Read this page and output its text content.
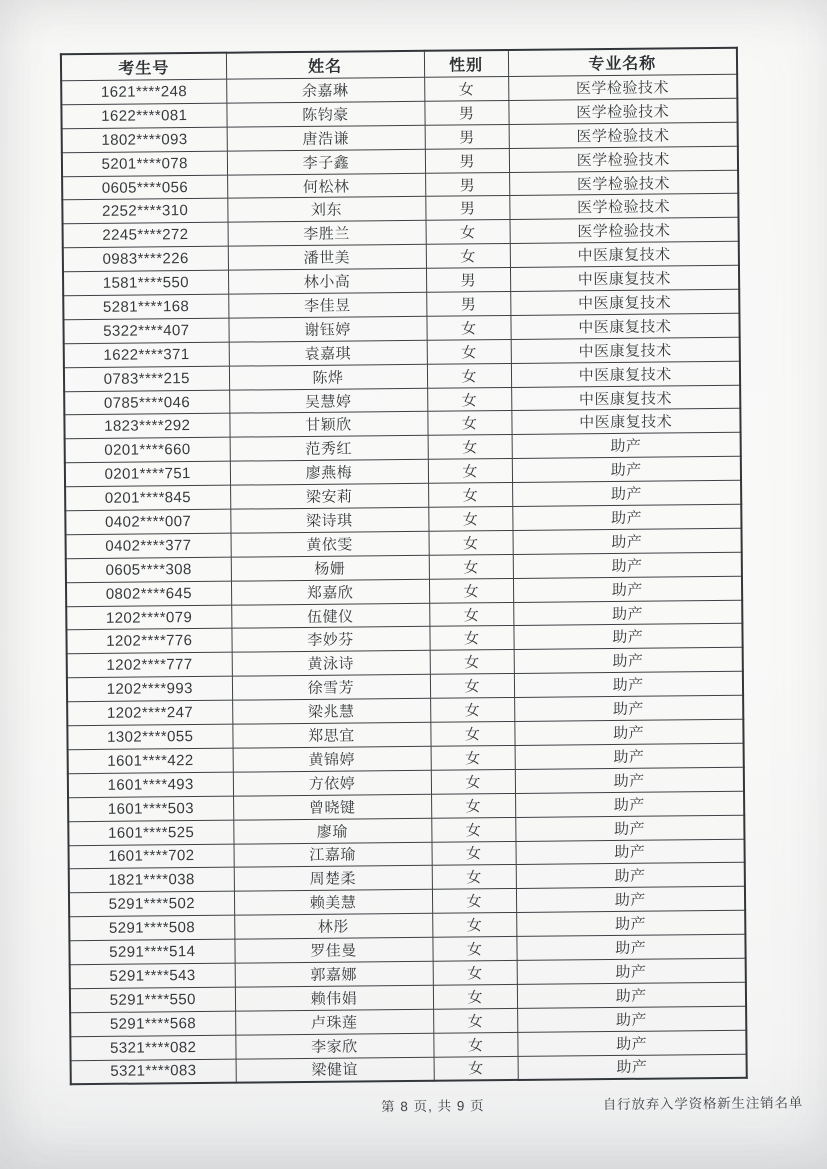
考生号	姓名	性别	专业名称
1621****248	余嘉琳	女	医学检验技术
1622****081	陈钧豪	男	医学检验技术
1802****093	唐浩谦	男	医学检验技术
5201****078	李子鑫	男	医学检验技术
0605****056	何松林	男	医学检验技术
2252****310	刘东	男	医学检验技术
2245****272	李胜兰	女	医学检验技术
0983****226	潘世美	女	中医康复技术
1581****550	林小高	男	中医康复技术
5281****168	李佳昱	男	中医康复技术
5322****407	谢钰婷	女	中医康复技术
1622****371	袁嘉琪	女	中医康复技术
0783****215	陈烨	女	中医康复技术
0785****046	吴慧婷	女	中医康复技术
1823****292	甘颖欣	女	中医康复技术
0201****660	范秀红	女	助产
0201****751	廖燕梅	女	助产
0201****845	梁安莉	女	助产
0402****007	梁诗琪	女	助产
0402****377	黄依雯	女	助产
0605****308	杨姗	女	助产
0802****645	郑嘉欣	女	助产
1202****079	伍健仪	女	助产
1202****776	李妙芬	女	助产
1202****777	黄泳诗	女	助产
1202****993	徐雪芳	女	助产
1202****247	梁兆慧	女	助产
1302****055	郑思宜	女	助产
1601****422	黄锦婷	女	助产
1601****493	方依婷	女	助产
1601****503	曾晓键	女	助产
1601****525	廖瑜	女	助产
1601****702	江嘉瑜	女	助产
1821****038	周楚柔	女	助产
5291****502	赖美慧	女	助产
5291****508	林彤	女	助产
5291****514	罗佳曼	女	助产
5291****543	郭嘉娜	女	助产
5291****550	赖伟娟	女	助产
5291****568	卢珠莲	女	助产
5321****082	李家欣	女	助产
5321****083	梁健谊	女	助产
第 8 页, 共 9 页	自行放弃入学资格新生注销名单
